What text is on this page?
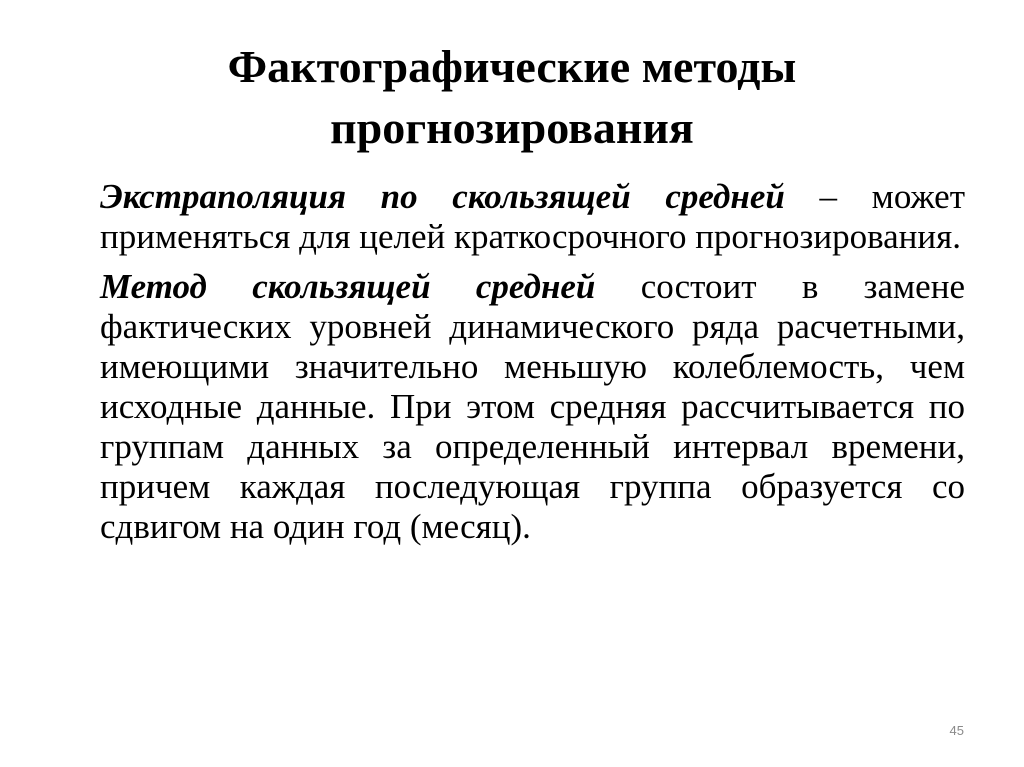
Фактографические методы
прогнозирования

Экстраполяция по скользящей средней – может применяться для целей краткосрочного прогнозирования.

Метод скользящей средней состоит в замене фактических уровней динамического ряда расчетными, имеющими значительно меньшую колеблемость, чем исходные данные. При этом средняя рассчитывается по группам данных за определенный интервал времени, причем каждая последующая группа образуется со сдвигом на один год (месяц).

45
